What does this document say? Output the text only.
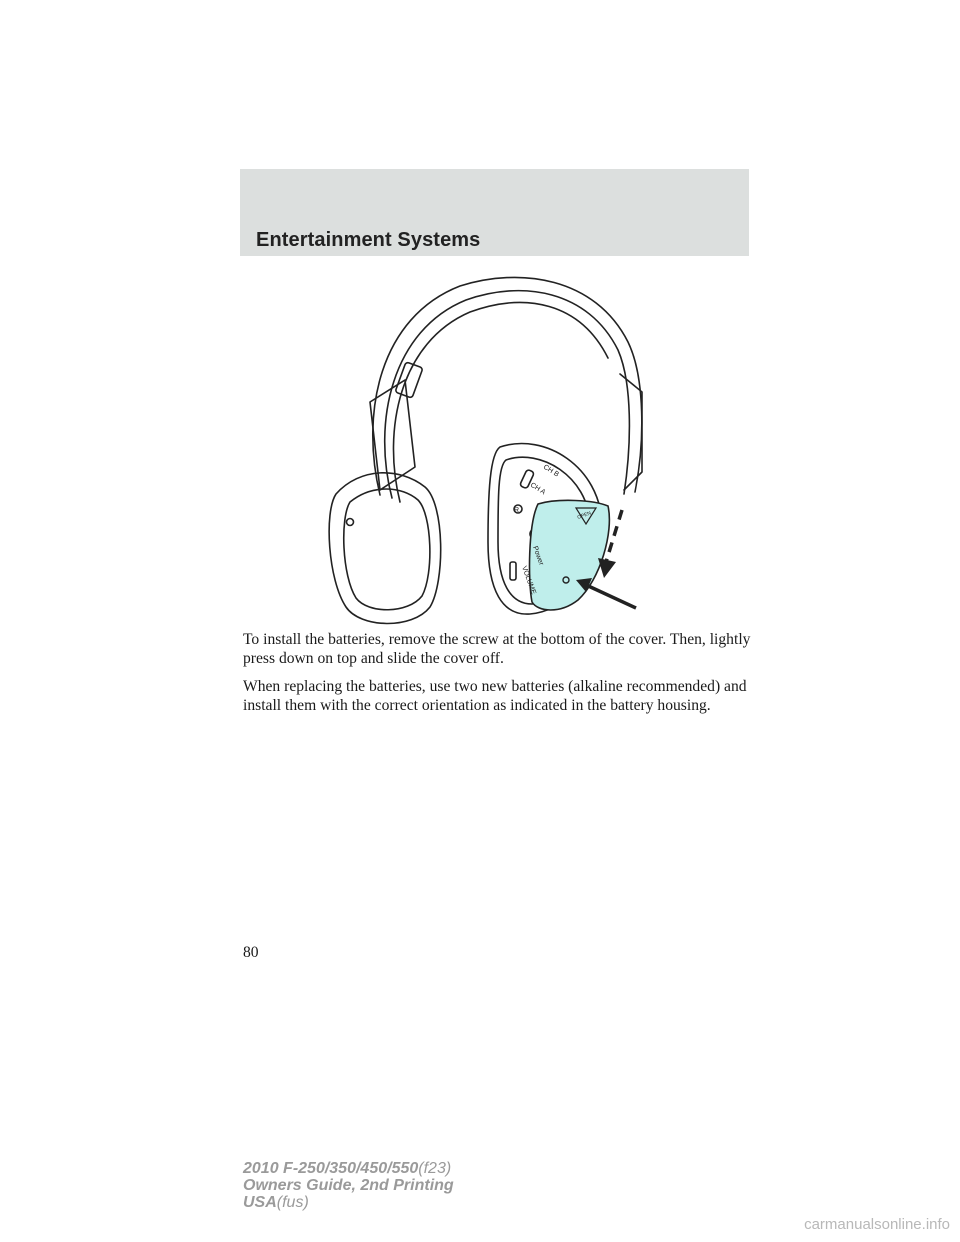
Entertainment Systems
CH B
CH A
R
Power
VOLUME
OPEN

To install the batteries, remove the screw at the bottom of the cover. Then, lightly press down on top and slide the cover off.

When replacing the batteries, use two new batteries (alkaline recommended) and install them with the correct orientation as indicated in the battery housing.

80
2010 F-250/350/450/550(f23)
Owners Guide, 2nd Printing
USA(fus)
carmanualsonline.info
